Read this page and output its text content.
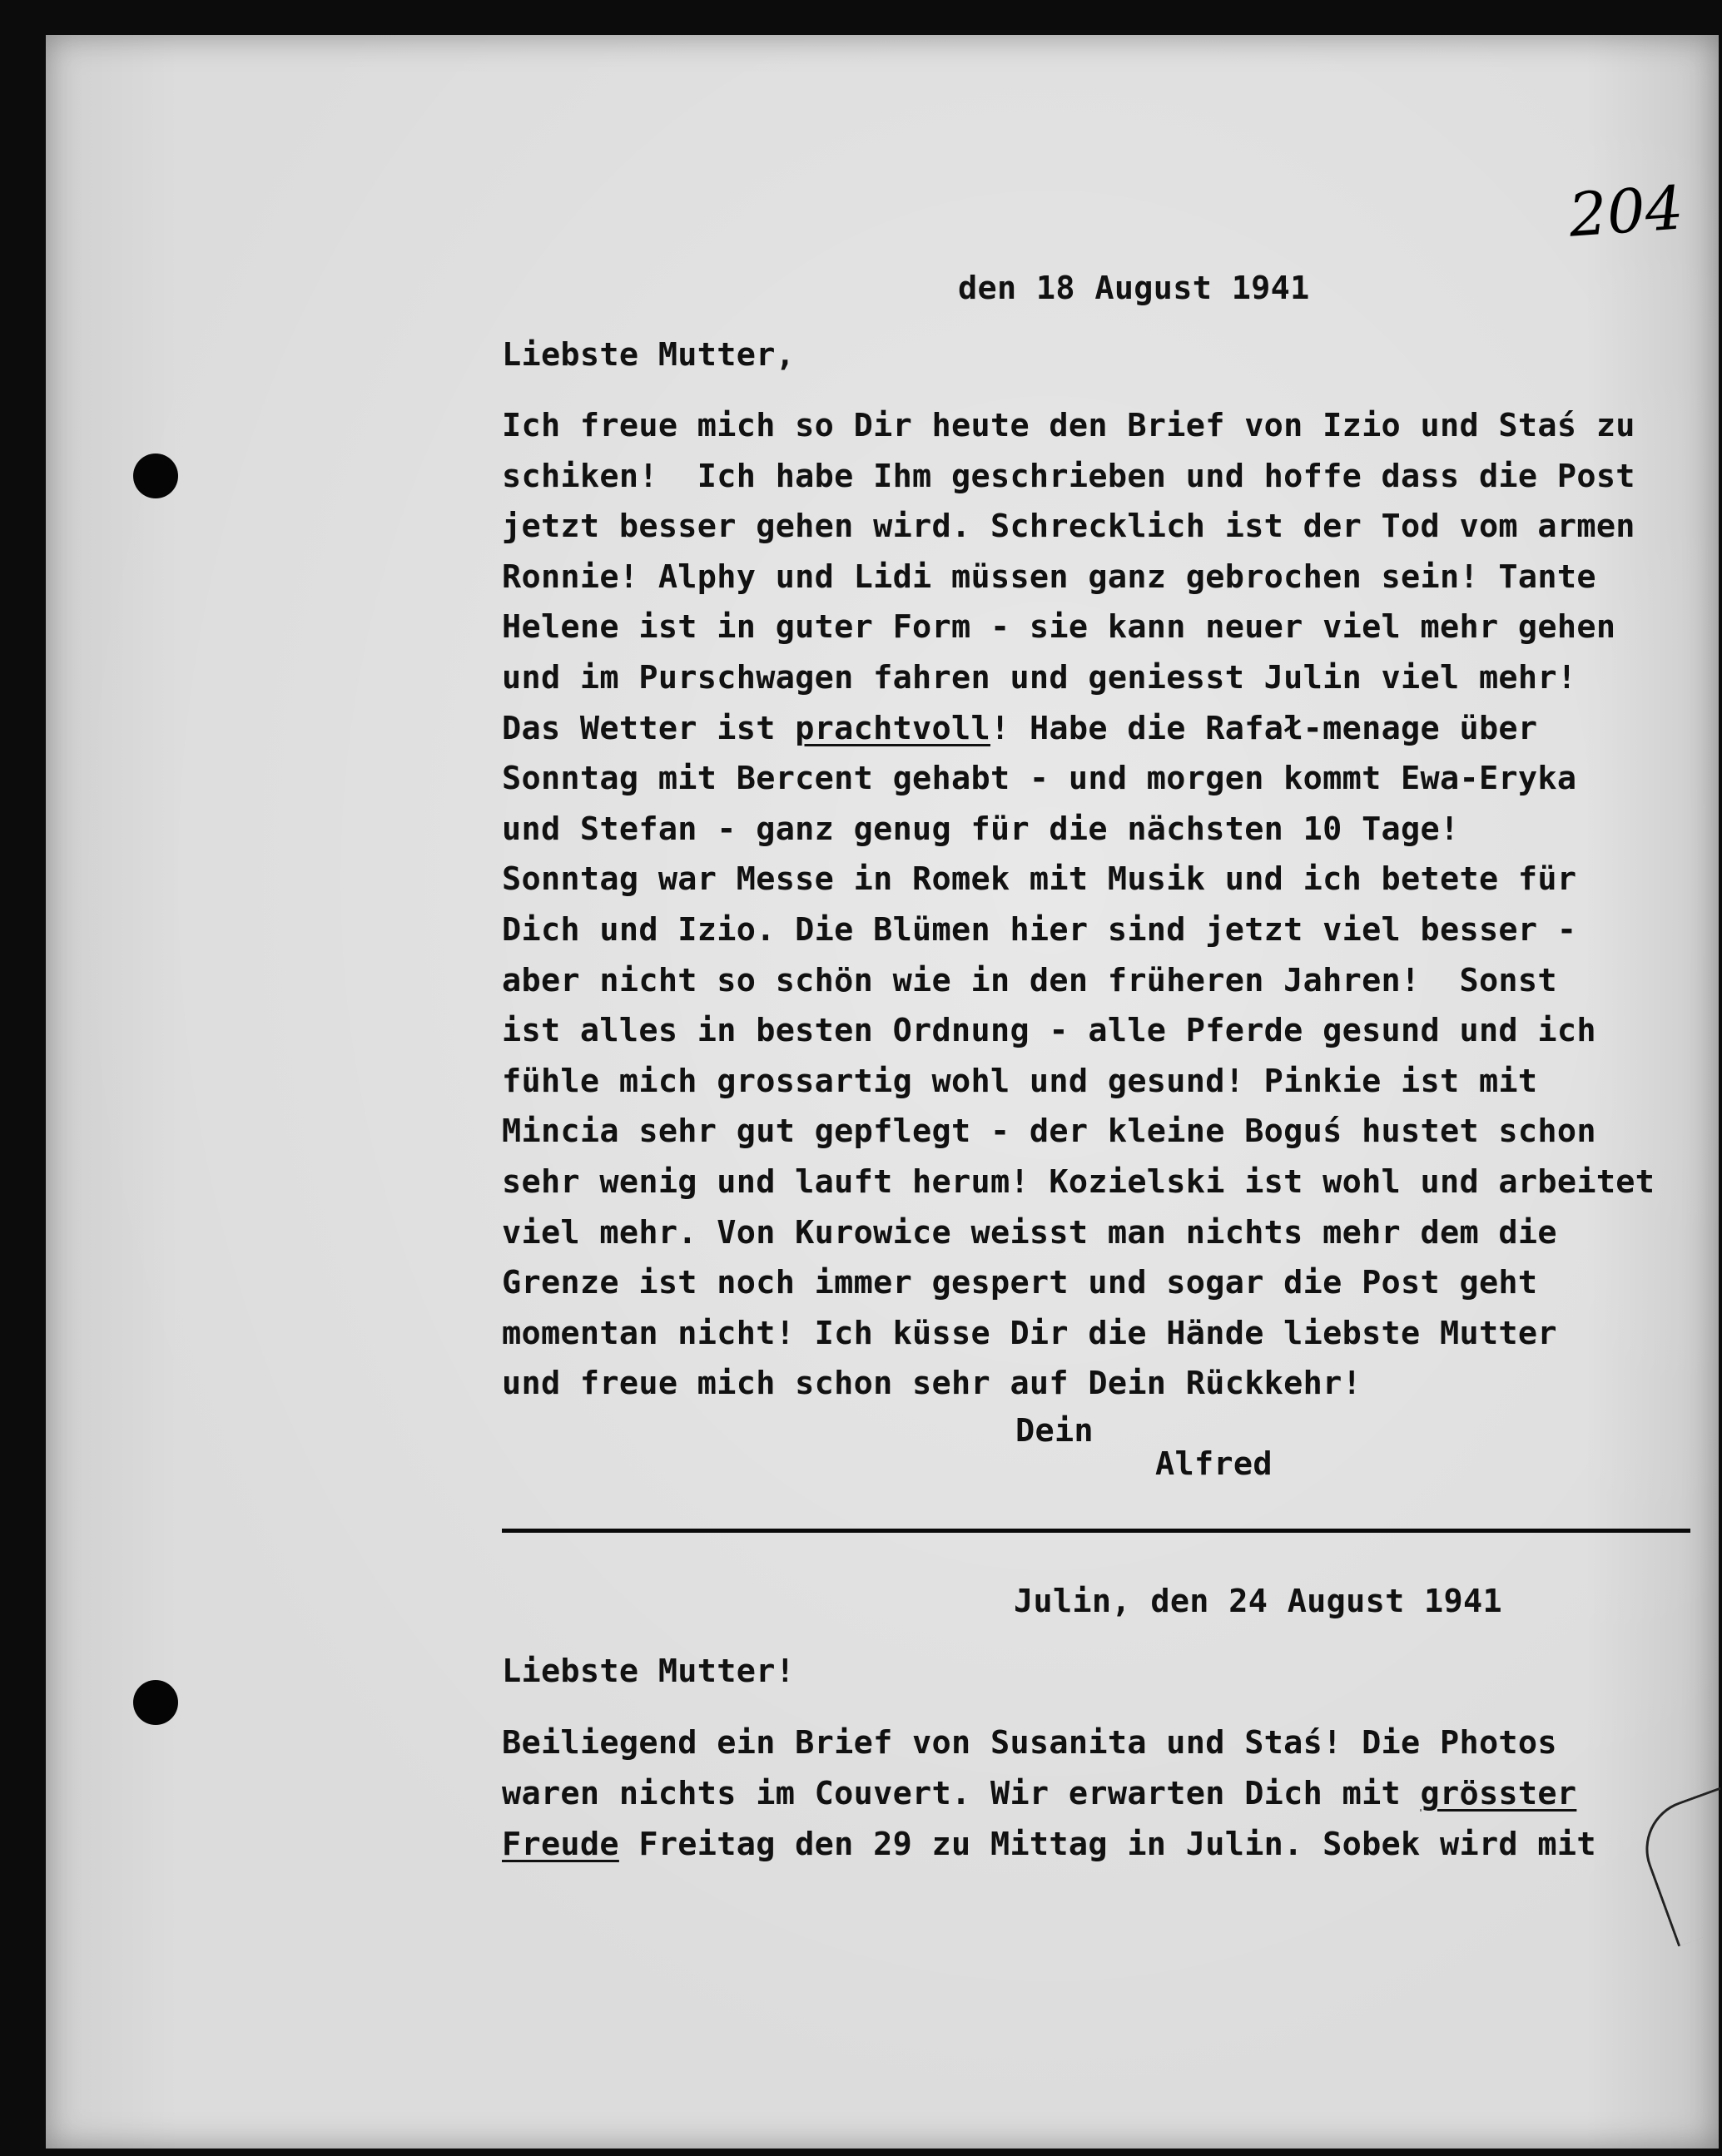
204
den 18 August 1941
Liebste Mutter,
Ich freue mich so Dir heute den Brief von Izio und Staś zu
schiken!  Ich habe Ihm geschrieben und hoffe dass die Post
jetzt besser gehen wird. Schrecklich ist der Tod vom armen
Ronnie! Alphy und Lidi müssen ganz gebrochen sein! Tante
Helene ist in guter Form - sie kann neuer viel mehr gehen
und im Purschwagen fahren und geniesst Julin viel mehr!
Das Wetter ist prachtvoll! Habe die Rafał-menage über
Sonntag mit Bercent gehabt - und morgen kommt Ewa-Eryka
und Stefan - ganz genug für die nächsten 10 Tage!
Sonntag war Messe in Romek mit Musik und ich betete für
Dich und Izio. Die Blümen hier sind jetzt viel besser -
aber nicht so schön wie in den früheren Jahren!  Sonst
ist alles in besten Ordnung - alle Pferde gesund und ich
fühle mich grossartig wohl und gesund! Pinkie ist mit
Mincia sehr gut gepflegt - der kleine Boguś hustet schon
sehr wenig und lauft herum! Kozielski ist wohl und arbeitet
viel mehr. Von Kurowice weisst man nichts mehr dem die
Grenze ist noch immer gespert und sogar die Post geht
momentan nicht! Ich küsse Dir die Hände liebste Mutter
und freue mich schon sehr auf Dein Rückkehr!
Dein
Alfred
Julin, den 24 August 1941
Liebste Mutter!
Beiliegend ein Brief von Susanita und Staś! Die Photos
waren nichts im Couvert. Wir erwarten Dich mit grösster
Freude Freitag den 29 zu Mittag in Julin. Sobek wird mit
